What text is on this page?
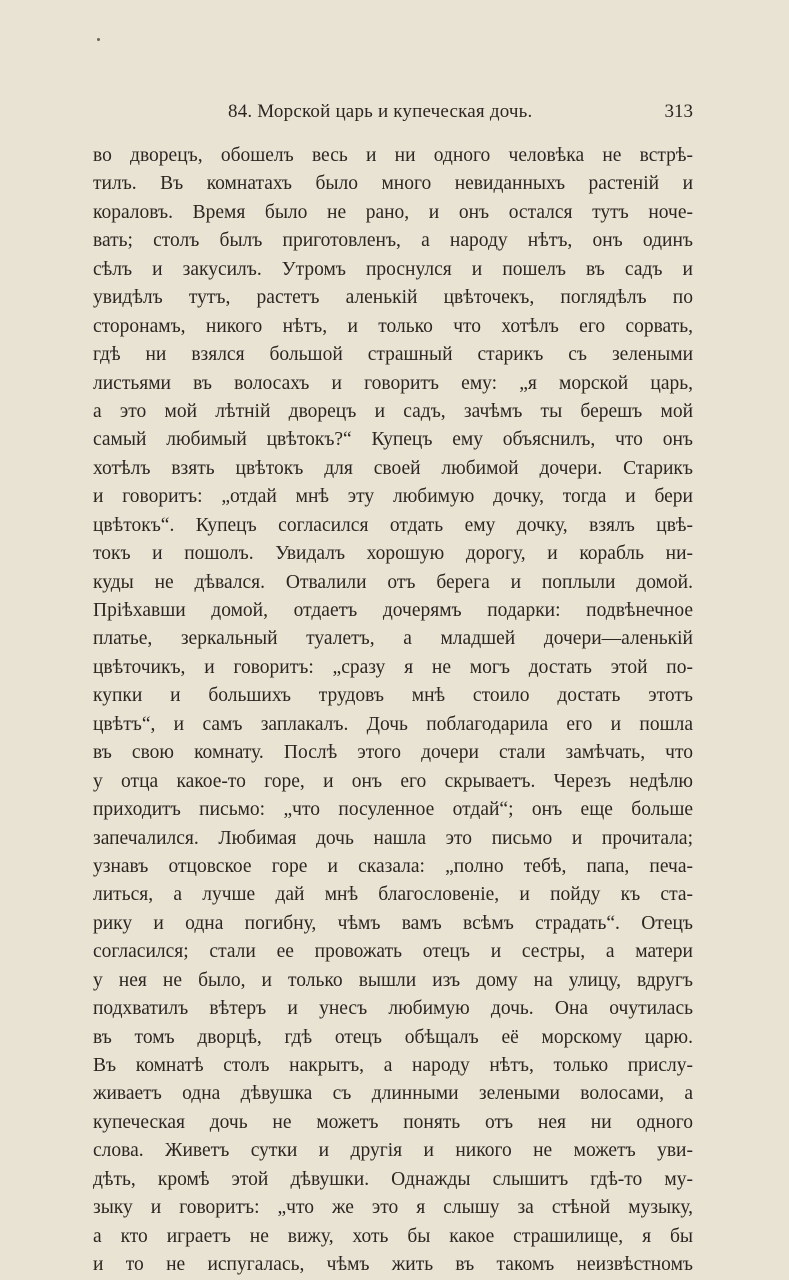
84. Морской царь и купеческая дочь.	313
во дворецъ, обошелъ весь и ни одного человѣка не встрѣ-
тилъ. Въ комнатахъ было много невиданныхъ растеній и
кораловъ. Время было не рано, и онъ остался тутъ ноче-
вать; столъ былъ приготовленъ, а народу нѣтъ, онъ одинъ
сѣлъ и закусилъ. Утромъ проснулся и пошелъ въ садъ и
увидѣлъ тутъ, растетъ аленькій цвѣточекъ, поглядѣлъ по
сторонамъ, никого нѣтъ, и только что хотѣлъ его сорвать,
гдѣ ни взялся большой страшный старикъ съ зелеными
листьями въ волосахъ и говоритъ ему: „я морской царь,
а это мой лѣтній дворецъ и садъ, зачѣмъ ты берешъ мой
самый любимый цвѣтокъ?“ Купецъ ему объяснилъ, что онъ
хотѣлъ взять цвѣтокъ для своей любимой дочери. Старикъ
и говоритъ: „отдай мнѣ эту любимую дочку, тогда и бери
цвѣтокъ“. Купецъ согласился отдать ему дочку, взялъ цвѣ-
токъ и пошолъ. Увидалъ хорошую дорогу, и корабль ни-
куды не дѣвался. Отвалили отъ берега и поплыли домой.
Пріѣхавши домой, отдаетъ дочерямъ подарки: подвѣнечное
платье, зеркальный туалетъ, а младшей дочери—аленькій
цвѣточикъ, и говоритъ: „сразу я не могъ достать этой по-
купки и большихъ трудовъ мнѣ стоило достать этотъ
цвѣтъ“, и самъ заплакалъ. Дочь поблагодарила его и пошла
въ свою комнату. Послѣ этого дочери стали замѣчать, что
у отца какое-то горе, и онъ его скрываетъ. Черезъ недѣлю
приходитъ письмо: „что посуленное отдай“; онъ еще больше
запечалился. Любимая дочь нашла это письмо и прочитала;
узнавъ отцовское горе и сказала: „полно тебѣ, папа, печа-
литься, а лучше дай мнѣ благословеніе, и пойду къ ста-
рику и одна погибну, чѣмъ вамъ всѣмъ страдать“. Отецъ
согласился; стали ее провожать отецъ и сестры, а матери
у нея не было, и только вышли изъ дому на улицу, вдругъ
подхватилъ вѣтеръ и унесъ любимую дочь. Она очутилась
въ томъ дворцѣ, гдѣ отецъ обѣщалъ её морскому царю.
Въ комнатѣ столъ накрытъ, а народу нѣтъ, только прислу-
живаетъ одна дѣвушка съ длинными зелеными волосами, а
купеческая дочь не можетъ понять отъ нея ни одного
слова. Живетъ сутки и другія и никого не можетъ уви-
дѣть, кромѣ этой дѣвушки. Однажды слышитъ гдѣ-то му-
зыку и говоритъ: „что же это я слышу за стѣной музыку,
а кто играетъ не вижу, хоть бы какое страшилище, я бы
и то не испугалась, чѣмъ жить въ такомъ неизвѣстномъ
